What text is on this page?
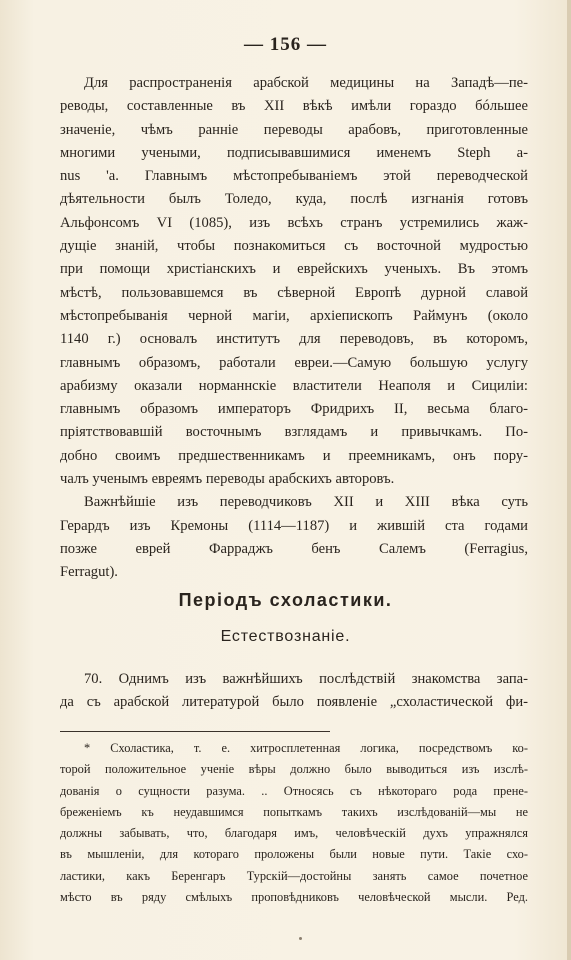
— 156 —
Для распространенія арабской медицины на Западѣ—пе-
реводы, составленные въ XII вѣкѣ имѣли гораздо бóльшее
значеніе, чѣмъ ранніе переводы арабовъ, приготовленные
многими учеными, подписывавшимися именемъ Steph a-
nus 'a. Главнымъ мѣстопребываніемъ этой переводческой
дѣятельности былъ Толедо, куда, послѣ изгнанія готовъ
Альфонсомъ VI (1085), изъ всѣхъ странъ устремились жаж-
дущіе знаній, чтобы познакомиться съ восточной мудростью
при помощи христіанскихъ и еврейскихъ ученыхъ. Въ этомъ
мѣстѣ, пользовавшемся въ сѣверной Европѣ дурной славой
мѣстопребыванія черной магіи, архіепископъ Раймунъ (около
1140 г.) основалъ институтъ для переводовъ, въ которомъ,
главнымъ образомъ, работали евреи.—Самую большую услугу
арабизму оказали норманнскіе властители Неаполя и Сициліи:
главнымъ образомъ императоръ Фридрихъ II, весьма благо-
пріятствовавшій восточнымъ взглядамъ и привычкамъ. По-
добно своимъ предшественникамъ и преемникамъ, онъ пору-
чалъ ученымъ евреямъ переводы арабскихъ авторовъ.
Важнѣйшіе изъ переводчиковъ XII и XIII вѣка суть
Герардъ изъ Кремоны (1114—1187) и жившій ста годами
позже еврей Фарраджъ бенъ Салемъ (Ferragius,
Ferragut).
Періодъ схоластики.
Естествознаніе.
70. Однимъ изъ важнѣйшихъ послѣдствій знакомства запа-
да съ арабской литературой было появленіе „схоластической фи-
* Схоластика, т. е. хитросплетенная логика, посредствомъ ко-
торой положительное ученіе вѣры должно было выводиться изъ изслѣ-
дованія о сущности разума. .. Относясь съ нѣкотораго рода прене-
бреженіемъ къ неудавшимся попыткамъ такихъ изслѣдованій—мы не
должны забывать, что, благодаря имъ, человѣческій духъ упражнялся
въ мышленіи, для котораго проложены были новые пути. Такіе схо-
ластики, какъ Беренгаръ Турскій—достойны занять самое почетное
мѣсто въ ряду смѣлыхъ проповѣдниковъ человѣческой мысли. Ред.
